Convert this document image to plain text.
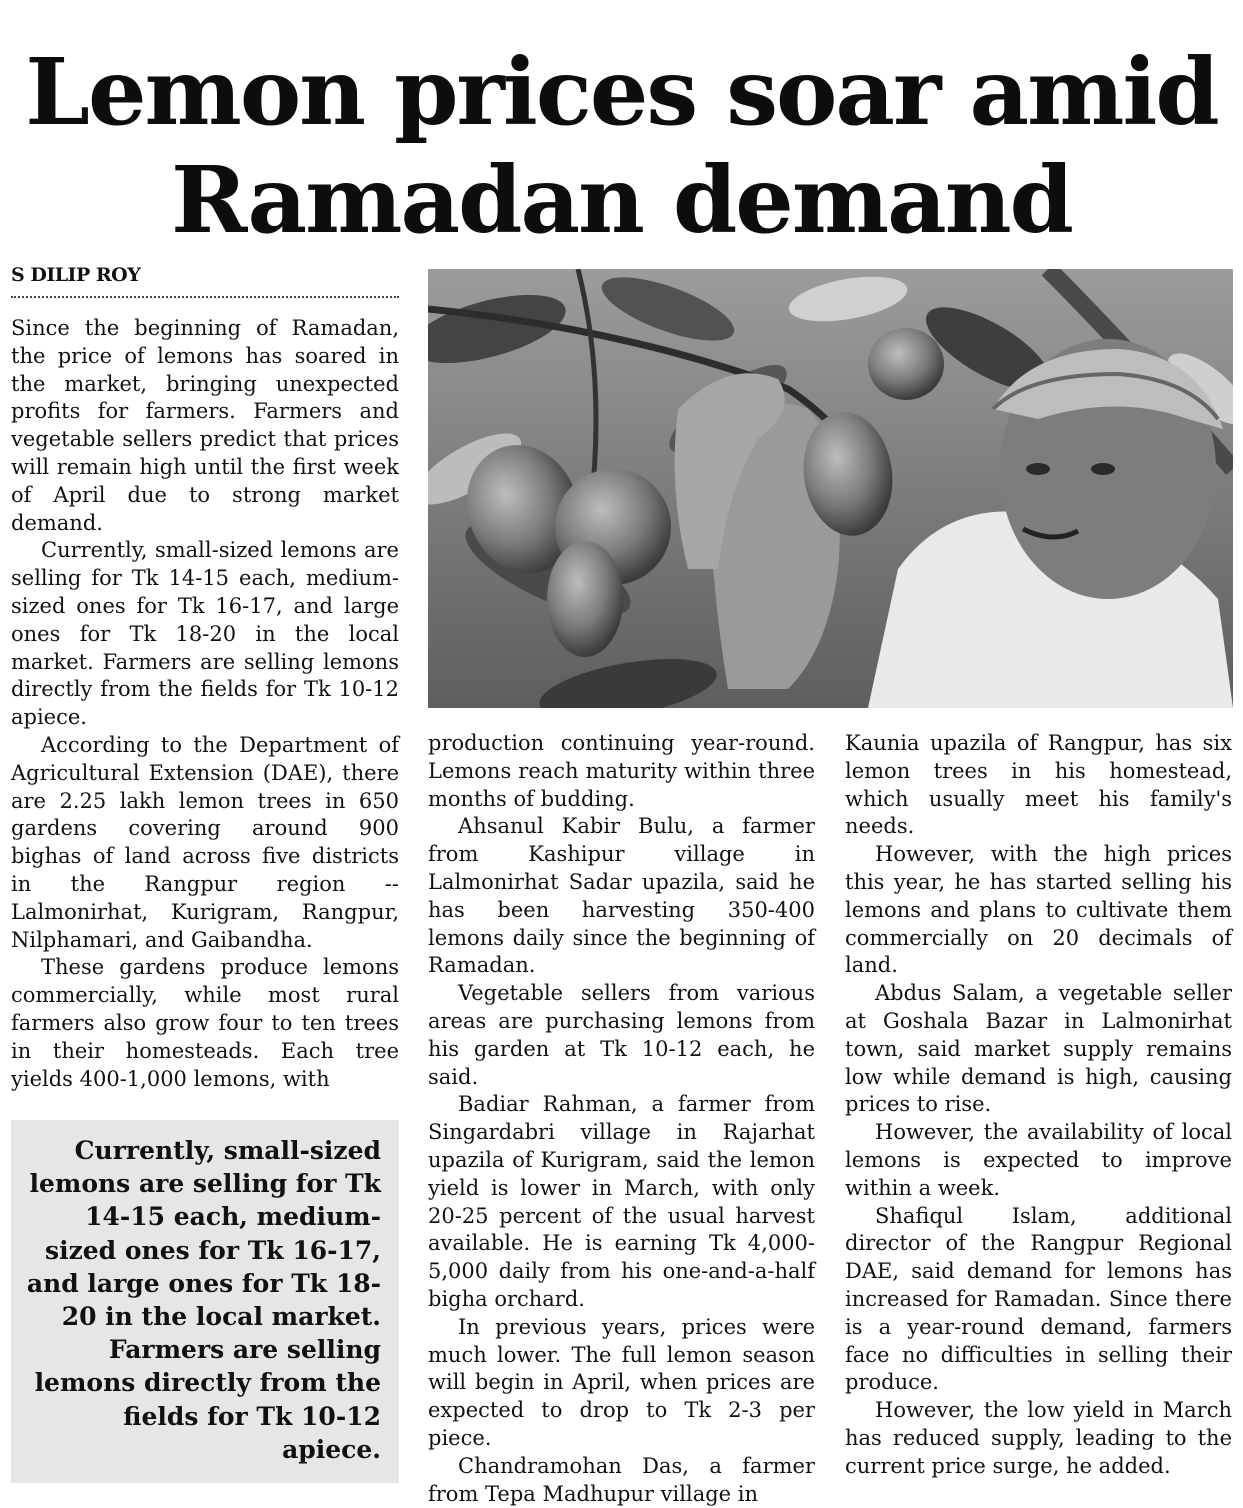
Lemon prices soar amid
Ramadan demand
S DILIP ROY

Since the beginning of Ramadan, the price of lemons has soared in the market, bringing unexpected profits for farmers. Farmers and vegetable sellers predict that prices will remain high until the first week of April due to strong market demand.

Currently, small-sized lemons are selling for Tk 14-15 each, medium-sized ones for Tk 16-17, and large ones for Tk 18-20 in the local market. Farmers are selling lemons directly from the fields for Tk 10-12 apiece.

According to the Department of Agricultural Extension (DAE), there are 2.25 lakh lemon trees in 650 gardens covering around 900 bighas of land across five districts in the Rangpur region -- Lalmonirhat, Kurigram, Rangpur, Nilphamari, and Gaibandha.

These gardens produce lemons commercially, while most rural farmers also grow four to ten trees in their homesteads. Each tree yields 400-1,000 lemons, with

Currently, small-sized lemons are selling for Tk 14-15 each, medium-sized ones for Tk 16-17, and large ones for Tk 18-20 in the local market. Farmers are selling lemons directly from the fields for Tk 10-12 apiece.

production continuing year-round. Lemons reach maturity within three months of budding.

Ahsanul Kabir Bulu, a farmer from Kashipur village in Lalmonirhat Sadar upazila, said he has been harvesting 350-400 lemons daily since the beginning of Ramadan.

Vegetable sellers from various areas are purchasing lemons from his garden at Tk 10-12 each, he said.

Badiar Rahman, a farmer from Singardabri village in Rajarhat upazila of Kurigram, said the lemon yield is lower in March, with only 20-25 percent of the usual harvest available. He is earning Tk 4,000-5,000 daily from his one-and-a-half bigha orchard.

In previous years, prices were much lower. The full lemon season will begin in April, when prices are expected to drop to Tk 2-3 per piece.

Chandramohan Das, a farmer from Tepa Madhupur village in

Kaunia upazila of Rangpur, has six lemon trees in his homestead, which usually meet his family's needs.

However, with the high prices this year, he has started selling his lemons and plans to cultivate them commercially on 20 decimals of land.

Abdus Salam, a vegetable seller at Goshala Bazar in Lalmonirhat town, said market supply remains low while demand is high, causing prices to rise.

However, the availability of local lemons is expected to improve within a week.

Shafiqul Islam, additional director of the Rangpur Regional DAE, said demand for lemons has increased for Ramadan. Since there is a year-round demand, farmers face no difficulties in selling their produce.

However, the low yield in March has reduced supply, leading to the current price surge, he added.
